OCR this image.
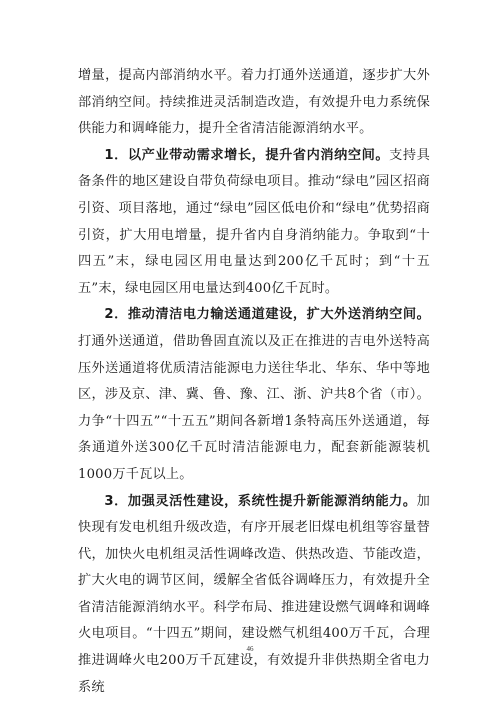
增量，提高内部消纳水平。着力打通外送通道，逐步扩大外部消纳空间。持续推进灵活制造改造，有效提升电力系统保供能力和调峰能力，提升全省清洁能源消纳水平。

1．以产业带动需求增长，提升省内消纳空间。支持具备条件的地区建设自带负荷绿电项目。推动“绿电”园区招商引资、项目落地，通过“绿电”园区低电价和“绿电”优势招商引资，扩大用电增量，提升省内自身消纳能力。争取到“十四五”末，绿电园区用电量达到200亿千瓦时；到“十五五”末，绿电园区用电量达到400亿千瓦时。

2．推动清洁电力输送通道建设，扩大外送消纳空间。打通外送通道，借助鲁固直流以及正在推进的吉电外送特高压外送通道将优质清洁能源电力送往华北、华东、华中等地区，涉及京、津、冀、鲁、豫、江、浙、沪共8个省（市）。力争“十四五”“十五五”期间各新增1条特高压外送通道，每条通道外送300亿千瓦时清洁能源电力，配套新能源装机1000万千瓦以上。

3．加强灵活性建设，系统性提升新能源消纳能力。加快现有发电机组升级改造，有序开展老旧煤电机组等容量替代，加快火电机组灵活性调峰改造、供热改造、节能改造，扩大火电的调节区间，缓解全省低谷调峰压力，有效提升全省清洁能源消纳水平。科学布局、推进建设燃气调峰和调峰火电项目。“十四五”期间，建设燃气机组400万千瓦，合理推进调峰火电200万千瓦建设，有效提升非供热期全省电力系统

46
